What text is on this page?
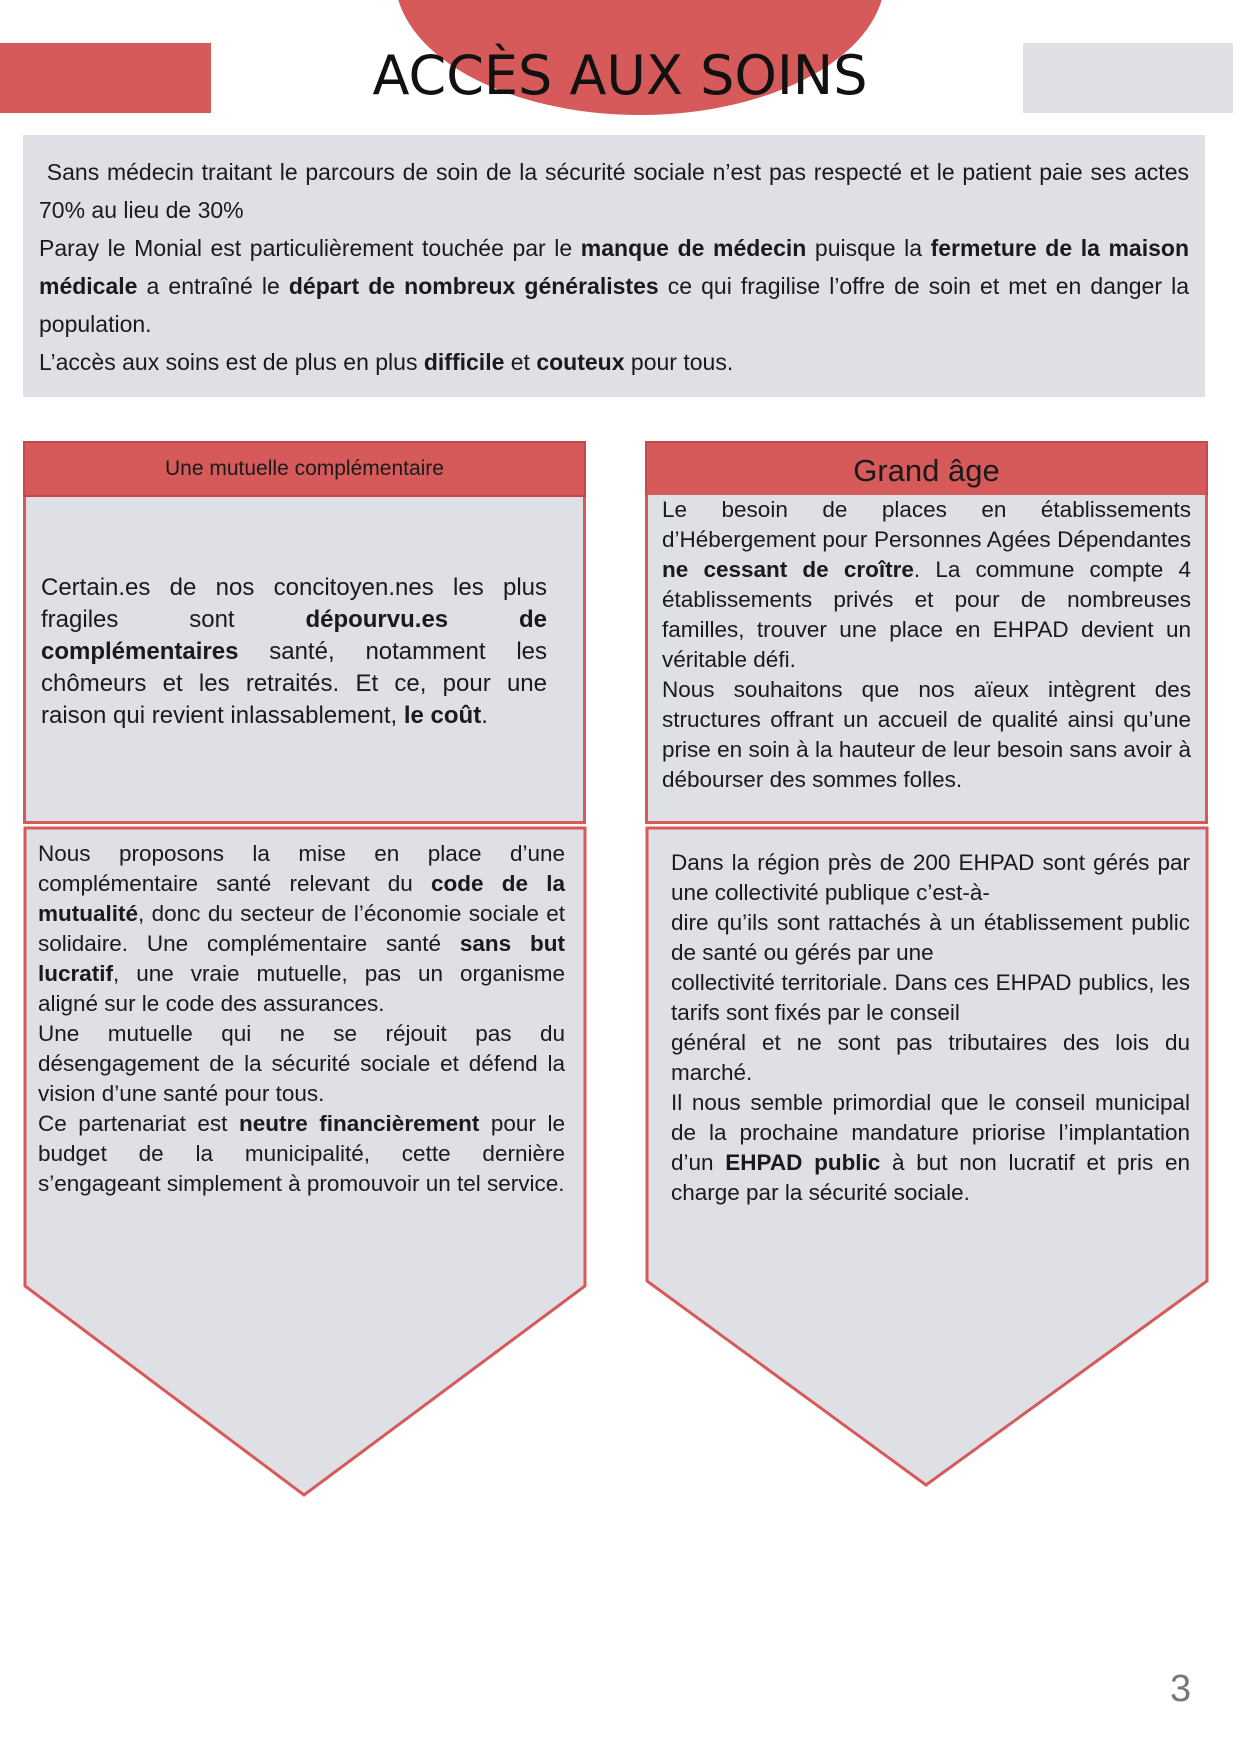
ACCÈS AUX SOINS

Sans médecin traitant le parcours de soin de la sécurité sociale n’est pas respecté et le patient paie ses actes 70% au lieu de 30%

Paray le Monial est particulièrement touchée par le manque de médecin puisque la fermeture de la maison médicale a entraîné le départ de nombreux généralistes ce qui fragilise l’offre de soin et met en danger la population.

L’accès aux soins est de plus en plus difficile et couteux pour tous.

Une mutuelle complémentaire

Certain.es de nos concitoyen.nes les plus fragiles sont dépourvu.es de complémentaires santé, notamment les chômeurs et les retraités. Et ce, pour une raison qui revient inlassablement, le coût.

Nous proposons la mise en place d’une complémentaire santé relevant du code de la mutualité, donc du secteur de l’économie sociale et solidaire. Une complémentaire santé sans but lucratif, une vraie mutuelle, pas un organisme aligné sur le code des assurances.

Une mutuelle qui ne se réjouit pas du désengagement de la sécurité sociale et défend la vision d’une santé pour tous.

Ce partenariat est neutre financièrement pour le budget de la municipalité, cette dernière s’engageant simplement à promouvoir un tel service.

Grand âge

Le besoin de places en établissements d’Hébergement pour Personnes Agées Dépendantes ne cessant de croître. La commune compte 4 établissements privés et pour de nombreuses familles, trouver une place en EHPAD devient un véritable défi.

Nous souhaitons que nos aïeux intègrent des structures offrant un accueil de qualité ainsi qu’une prise en soin à la hauteur de leur besoin sans avoir à débourser des sommes folles.

Dans la région près de 200 EHPAD sont gérés par une collectivité publique c’est-à-

dire qu’ils sont rattachés à un établissement public de santé ou gérés par une

collectivité territoriale. Dans ces EHPAD publics, les tarifs sont fixés par le conseil

général et ne sont pas tributaires des lois du marché.

Il nous semble primordial que le conseil municipal de la prochaine mandature priorise l’implantation d’un EHPAD public à but non lucratif et pris en charge par la sécurité sociale.

3
